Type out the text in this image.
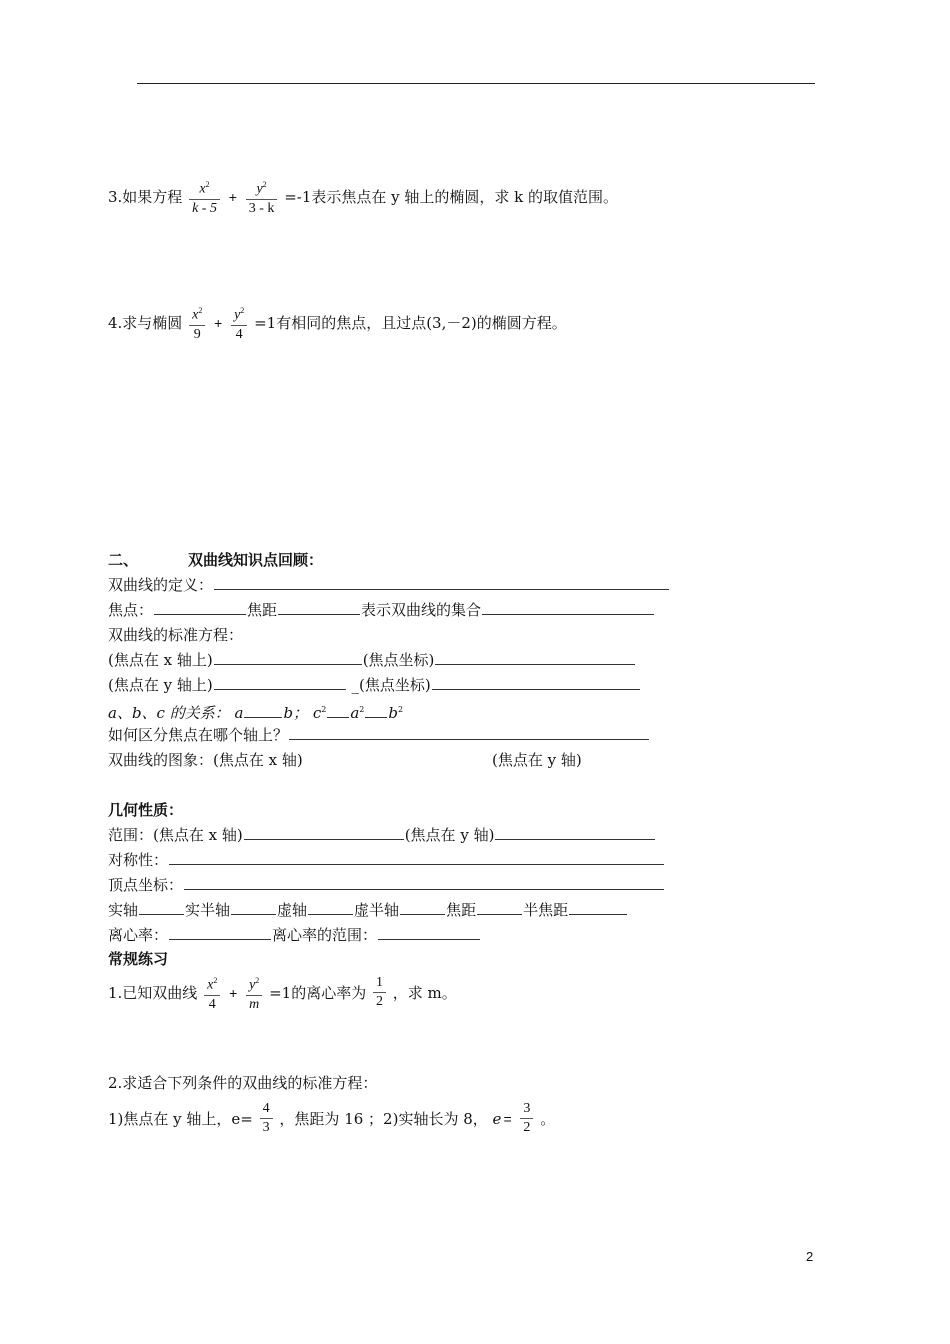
3.如果方程 $\frac{x^2}{k - 5} + \frac{y^2}{3 - k} =-1$表示焦点在 y 轴上的椭圆，求 k 的取值范围。
4.求与椭圆 $\frac{x^2}{9} + \frac{y^2}{4} =1$有相同的焦点，且过点(3,－2)的椭圆方程。
二、	双曲线知识点回顾：
双曲线的定义：
焦点：	焦距	表示双曲线的集合
双曲线的标准方程：
(焦点在 x 轴上)	(焦点坐标)
(焦点在 y 轴上)	_(焦点坐标)
a、b、c 的关系： a	b； $c^2$ $a^2$ $b^2$
如何区分焦点在哪个轴上？
双曲线的图象：(焦点在 x 轴)	(焦点在 y 轴)
几何性质：
范围：(焦点在 x 轴)	(焦点在 y 轴)
对称性：
顶点坐标：
实轴	实半轴	虚轴	虚半轴	焦距	半焦距
离心率：	离心率的范围：
常规练习
1.已知双曲线 $\frac{x^2}{4} + \frac{y^2}{m} =1$的离心率为 $\frac{1}{2}$ ，求 m。
2.求适合下列条件的双曲线的标准方程：
1)焦点在 y 轴上，$e= \frac{4}{3}$ ，焦距为 16 ；2)实轴长为 8， $e = \frac{3}{2}$ 。
2
